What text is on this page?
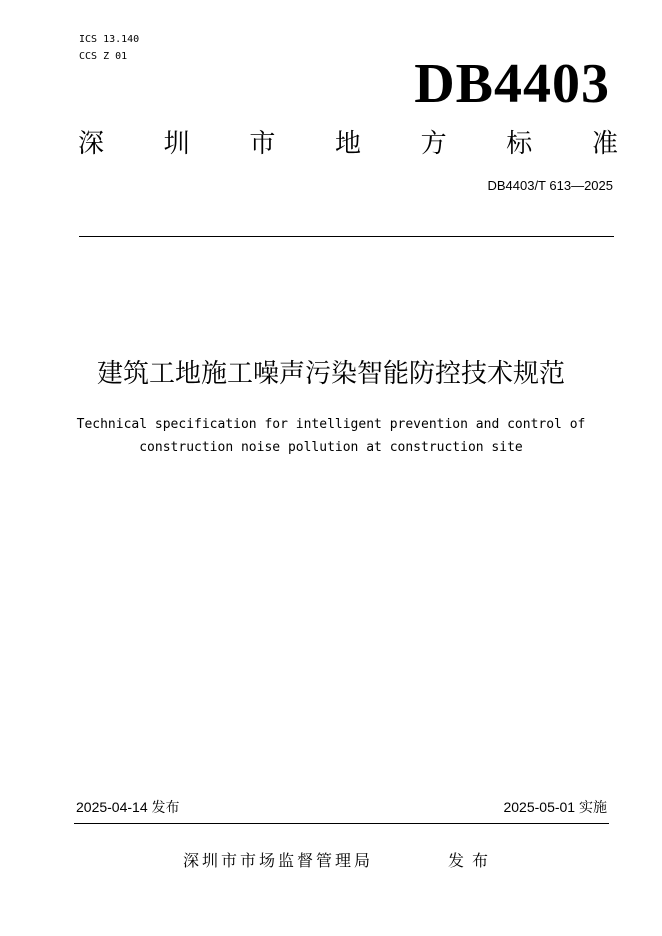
ICS 13.140
CCS Z 01	DB4403
深 圳 市 地 方 标 准
DB4403/T 613—2025
建筑工地施工噪声污染智能防控技术规范
Technical specification for intelligent prevention and control of
construction noise pollution at construction site
2025-04-14 发布	2025-05-01 实施
深圳市市场监督管理局	发布
